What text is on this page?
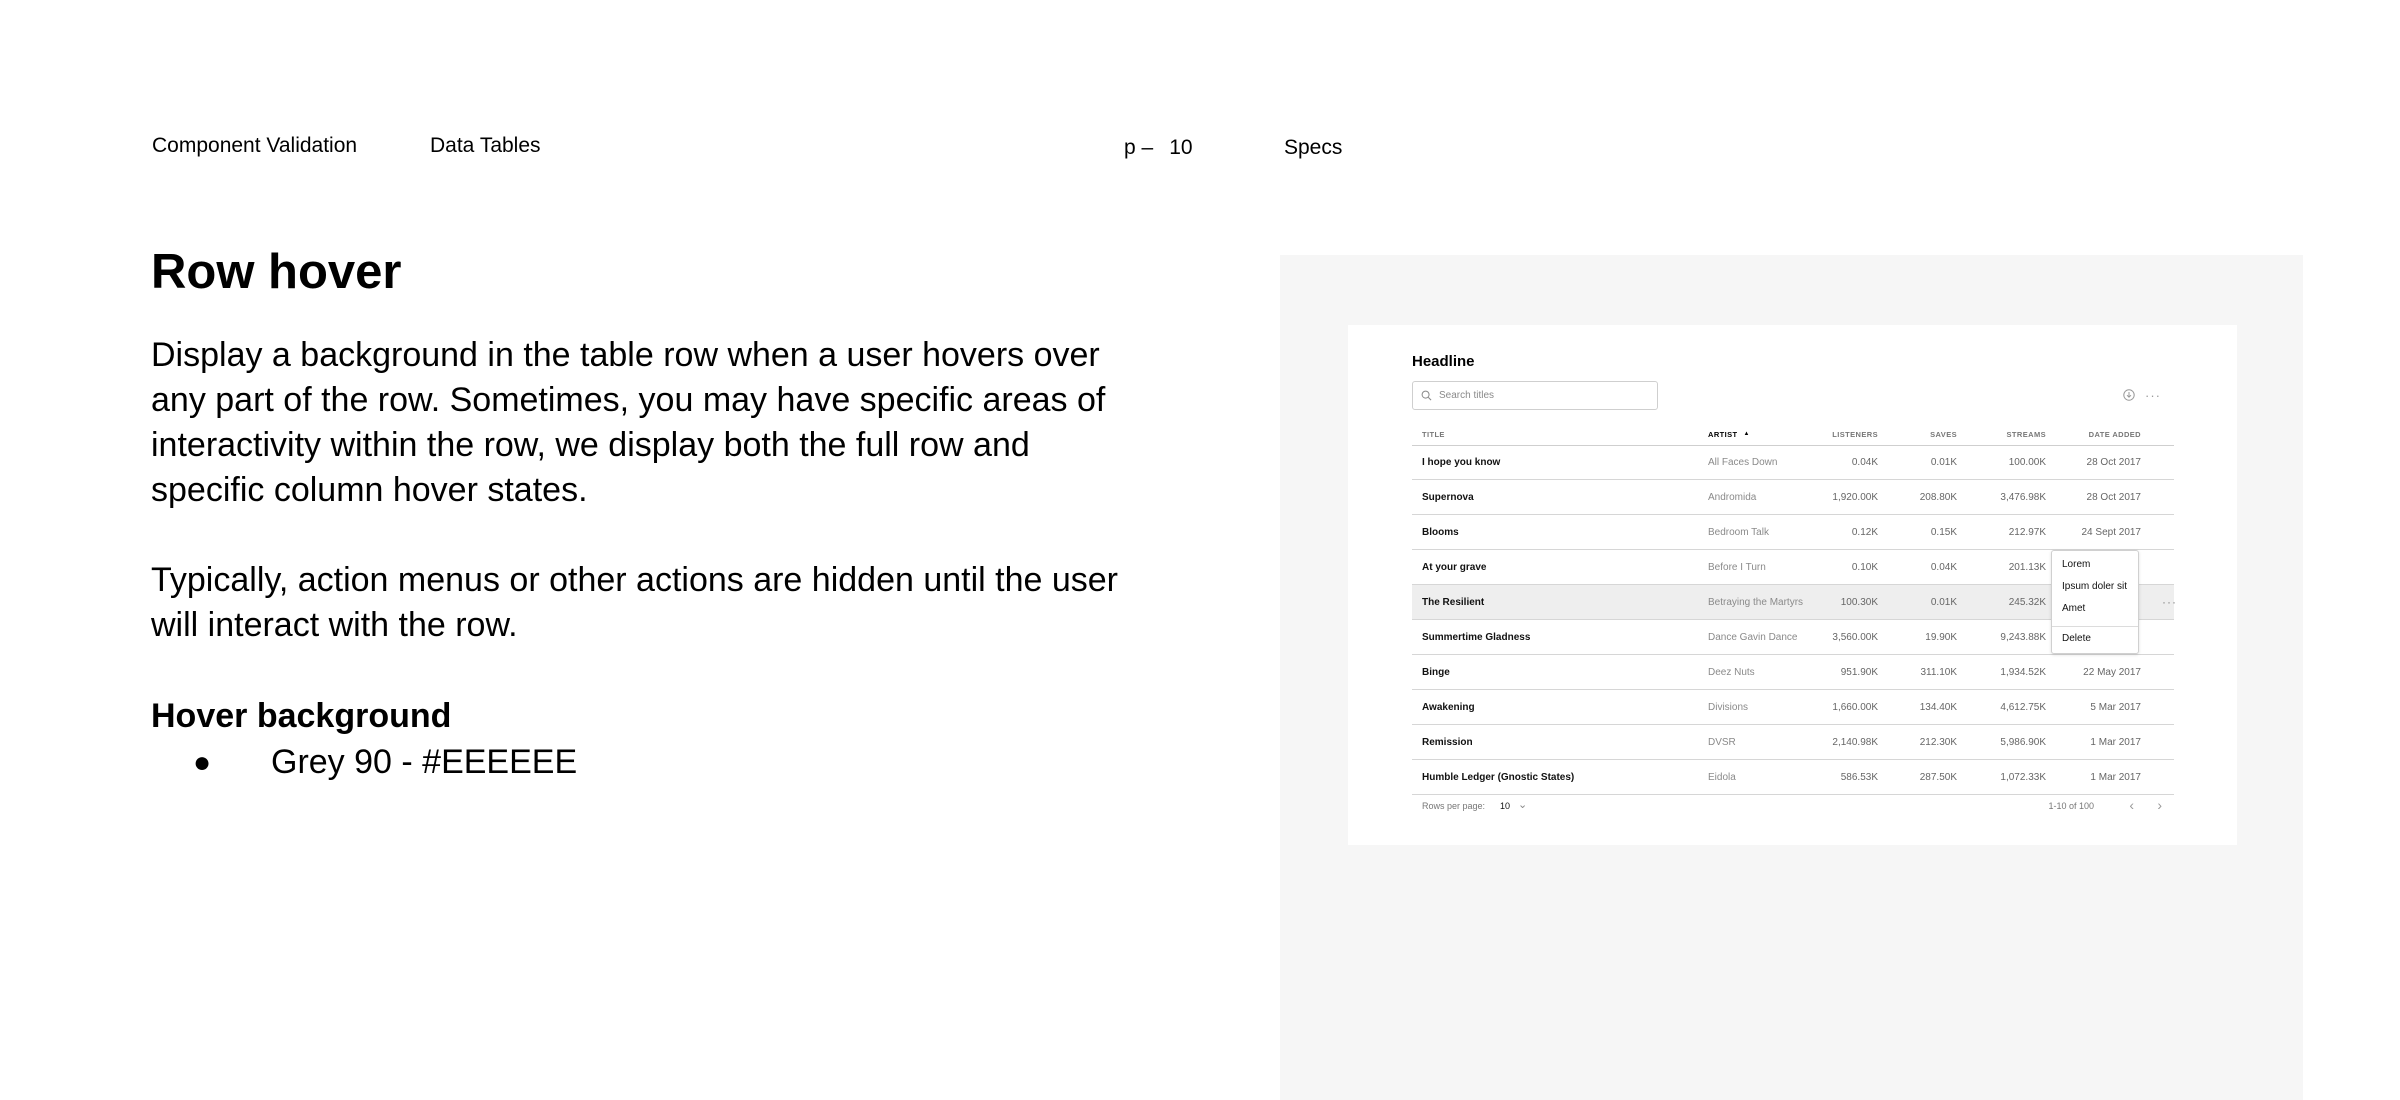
Component Validation	Data Tables	p – 10	Specs
Row hover

Display a background in the table row when a user hovers over any part of the row. Sometimes, you may have specific areas of interactivity within the row, we display both the full row and specific column hover states.

Typically, action menus or other actions are hidden until the user will interact with the row.

Hover background
●	Grey 90 - #EEEEEE
Headline
Search titles	···
TITLE	ARTIST ▲	LISTENERS	SAVES	STREAMS	DATE ADDED
I hope you know	All Faces Down	0.04K	0.01K	100.00K	28 Oct 2017
Supernova	Andromida	1,920.00K	208.80K	3,476.98K	28 Oct 2017
Blooms	Bedroom Talk	0.12K	0.15K	212.97K	24 Sept 2017
At your grave	Before I Turn	0.10K	0.04K	201.13K
The Resilient	Betraying the Martyrs	100.30K	0.01K	245.32K	···
Summertime Gladness	Dance Gavin Dance	3,560.00K	19.90K	9,243.88K
Binge	Deez Nuts	951.90K	311.10K	1,934.52K	22 May 2017
Awakening	Divisions	1,660.00K	134.40K	4,612.75K	5 Mar 2017
Remission	DVSR	2,140.98K	212.30K	5,986.90K	1 Mar 2017
Humble Ledger (Gnostic States)	Eidola	586.53K	287.50K	1,072.33K	1 Mar 2017
Lorem
Ipsum doler sit
Amet
Delete
Rows per page: 10 ⌄	1-10 of 100	‹ ›
